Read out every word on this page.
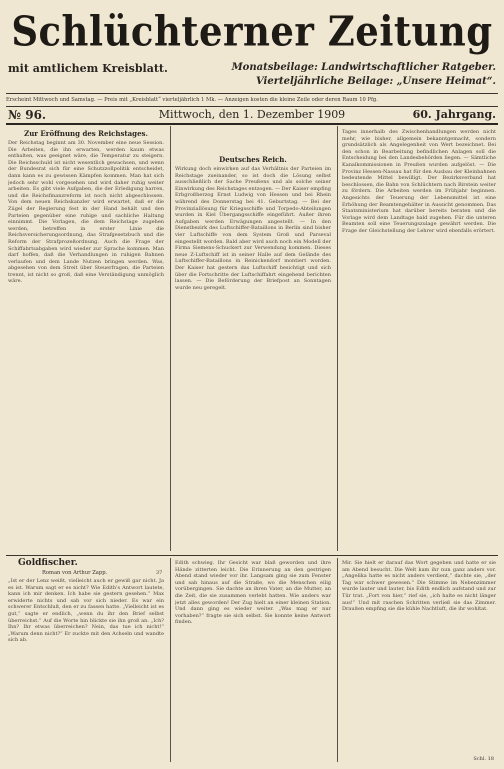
Schlüchterner Zeitung
mit amtlichem Kreisblatt.	Monatsbeilage: Landwirtschaftlicher Ratgeber.
Vierteljährliche Beilage: „Unsere Heimat“.
Erscheint Mittwoch und Samstag. — Preis mit „Kreisblatt“ vierteljährlich 1 Mk. — Anzeigen kosten die kleine Zeile oder deren Raum 10 Pfg.
№ 96.	Mittwoch, den 1. Dezember 1909	60. Jahrgang.
Zur Eröffnung des Reichstages.

Der Reichstag beginnt am 30. November eine neue Session. Die Arbeiten, die ihn erwarten, werden kaum etwas enthalten, was geeignet wäre, die Temperatur zu steigern. Die Reichsschuld ist nicht wesentlich gewachsen, und wenn der Bundesrat sich für eine Schutzzollpolitik entscheidet, dann kann es zu gewissen Kämpfen kommen. Man hat sich jedoch sehr wohl vorgesehen und wird daher ruhig weiter arbeiten. Es gibt viele Aufgaben, die der Erledigung harren, und die Reichsfinanzreform ist noch nicht abgeschlossen. Von dem neuen Reichskanzler wird erwartet, daß er die Zügel der Regierung fest in der Hand behält und den Parteien gegenüber eine ruhige und sachliche Haltung einnimmt. Die Vorlagen, die dem Reichstage zugehen werden, betreffen in erster Linie die Reichsversicherungsordnung, das Strafgesetzbuch und die Reform der Strafprozeßordnung. Auch die Frage der Schiffahrtsabgaben wird wieder zur Sprache kommen. Man darf hoffen, daß die Verhandlungen in ruhigen Bahnen verlaufen und dem Lande Nutzen bringen werden. Was, abgesehen von dem Streit über Steuerfragen, die Parteien trennt, ist nicht so groß, daß eine Verständigung unmöglich wäre.

Deutsches Reich.

Wirkung doch einwirken auf das Verhältnis der Parteien im Reichstage zueinander, so ist doch die Lösung selbst ausschließlich der Sache Preußens und als solche seiner Einwirkung des Reichstages entzogen. — Der Kaiser empfing Erbgroßherzog Ernst Ludwig von Hessen und bei Rhein während des Donnerstag bei 41. Geburtstag. — Bei der Provinziallösung für Kriegsschiffe und Torpedo-Abteilungen wurden in Kiel Übergangsschiffe eingeführt. Außer ihren Aufgaben werden Erwägungen angestellt. — In den Dienstbezirk des Luftschiffer-Bataillons in Berlin sind bisher vier Luftschiffe von dem System Groß und Parseval eingestellt worden. Bald aber wird auch noch ein Modell der Firma Siemens-Schuckert zur Verwendung kommen. Dieses neue Z-Luftschiff ist in seiner Halle auf dem Gelände des Luftschiffer-Bataillons in Reinickendorf montiert worden. Der Kaiser hat gestern das Luftschiff besichtigt und sich über die Fortschritte der Luftschiffahrt eingehend berichten lassen. — Die Beförderung der Briefpost an Sonntagen wurde neu geregelt.

Tages innerhalb des Zwischenhandlungen werden nicht mehr, wie bisher, allgemein bekanntgemacht, sondern grundsätzlich als Angelegenheit von Wert bezeichnet. Bei den schon in Bearbeitung befindlichen Anlagen soll die Entscheidung bei den Landesbehörden liegen. — Sämtliche Kanalkommissionen in Preußen wurden aufgelöst. — Die Provinz Hessen-Nassau hat für den Ausbau der Kleinbahnen bedeutende Mittel bewilligt. Der Bezirksverband hat beschlossen, die Bahn von Schlüchtern nach Birstein weiter zu fördern. Die Arbeiten werden im Frühjahr beginnen. Angesichts der Teuerung der Lebensmittel ist eine Erhöhung der Beamtengehälter in Aussicht genommen. Das Staatsministerium hat darüber bereits beraten und die Vorlage wird dem Landtage bald zugehen. Für die unteren Beamten soll eine Teuerungszulage gewährt werden. Die Frage der Gleichstellung der Lehrer wird ebenfalls erörtert.

Goldfischer.
Roman von Arthur Zapp.	37

„Ist er der Lenz weißt, vielleicht auch er gewiß gar nicht. Ja es ist. Warum sagt er es nicht? Wie Edith's Antwort lautete, kann ich mir denken. Ich habe sie gestern gesehen.“ Max erwiderte nichts und sah vor sich nieder. Es war ein schwerer Entschluß, den er zu fassen hatte. „Vielleicht ist es gut,“ sagte er endlich, „wenn du ihr den Brief selbst überreichst.“ Auf die Worte hin blickte sie ihn groß an. „Ich? Ihn? Ihr etwas überreichen? Nein, das tue ich nicht!“ „Warum denn nicht?“ Er zuckte mit den Achseln und wandte sich ab.

Edith schwieg. Ihr Gesicht war blaß geworden und ihre Hände zitterten leicht. Die Erinnerung an den gestrigen Abend stand wieder vor ihr. Langsam ging sie zum Fenster und sah hinaus auf die Straße, wo die Menschen eilig vorübergingen. Sie dachte an ihren Vater, an die Mutter, an die Zeit, die sie zusammen verlebt hatten. Wie anders war jetzt alles geworden! Der Zug hielt an einer kleinen Station. Und dann ging es wieder weiter. „Was mag er nur vorhaben?“ fragte sie sich selbst. Sie konnte keine Antwort finden.

Mir. Sie hielt er darauf das Wort gegeben und hatte er sie am Abend besucht. Die Welt kam ihr nun ganz anders vor. „Angelika hatte es nicht anders verdient,“ dachte sie, „der Tag war schwer gewesen.“ Die Stimme im Nebenzimmer wurde lauter und lauter, bis Edith endlich aufstand und zur Tür trat. „Fort von hier,“ rief sie, „ich halte es nicht länger aus!“ Und mit raschen Schritten verließ sie das Zimmer. Draußen empfing sie die kühle Nachtluft, die ihr wohltat.

Schl. 18
